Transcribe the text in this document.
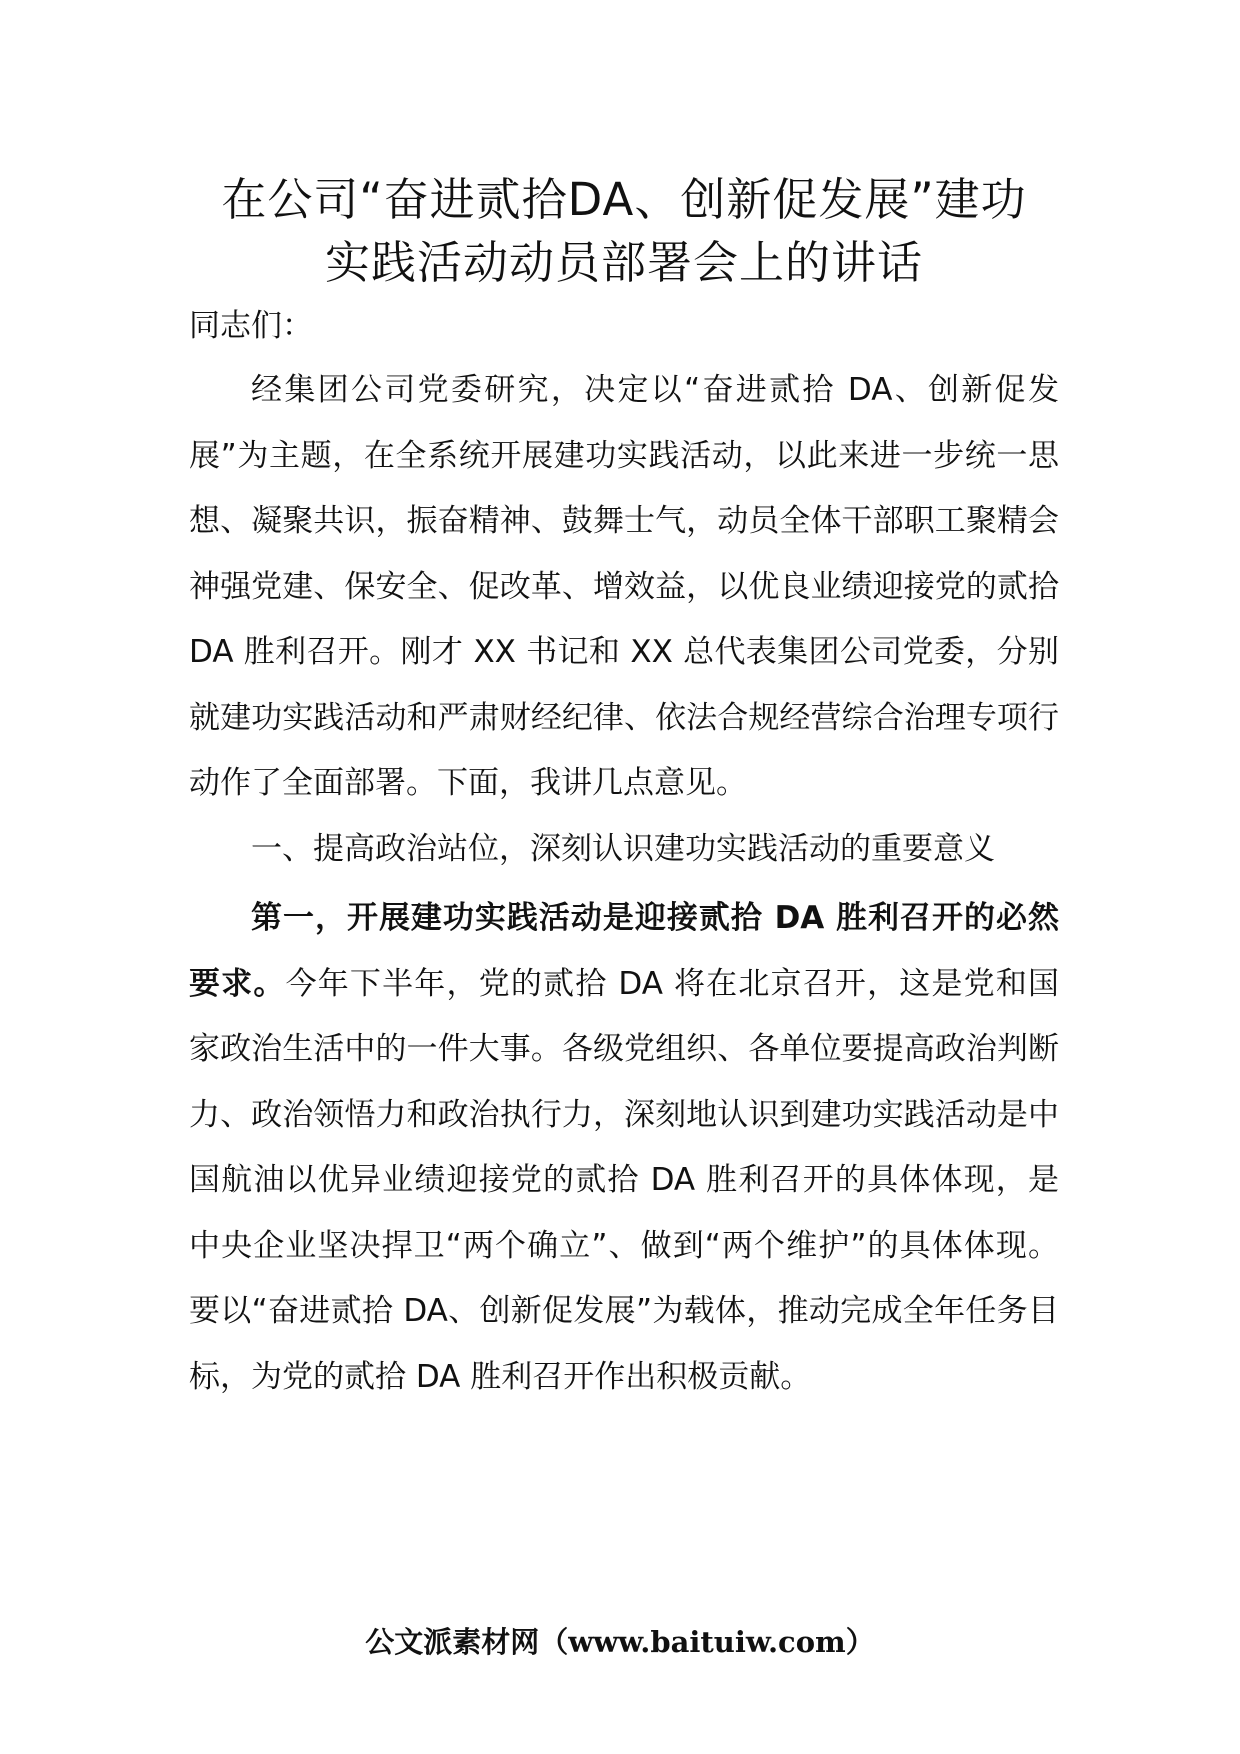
在公司“奋进贰拾DA、创新促发展”建功
实践活动动员部署会上的讲话

同志们：

经集团公司党委研究，决定以“奋进贰拾 DA、创新促发展”为主题，在全系统开展建功实践活动，以此来进一步统一思想、凝聚共识，振奋精神、鼓舞士气，动员全体干部职工聚精会神强党建、保安全、促改革、增效益，以优良业绩迎接党的贰拾 DA 胜利召开。刚才 XX 书记和 XX 总代表集团公司党委，分别就建功实践活动和严肃财经纪律、依法合规经营综合治理专项行动作了全面部署。下面，我讲几点意见。

一、提高政治站位，深刻认识建功实践活动的重要意义

第一，开展建功实践活动是迎接贰拾 DA 胜利召开的必然要求。今年下半年，党的贰拾 DA 将在北京召开，这是党和国家政治生活中的一件大事。各级党组织、各单位要提高政治判断力、政治领悟力和政治执行力，深刻地认识到建功实践活动是中国航油以优异业绩迎接党的贰拾 DA 胜利召开的具体体现，是中央企业坚决捍卫“两个确立”、做到“两个维护”的具体体现。要以“奋进贰拾 DA、创新促发展”为载体，推动完成全年任务目标，为党的贰拾 DA 胜利召开作出积极贡献。

公文派素材网（www.baituiw.com）
